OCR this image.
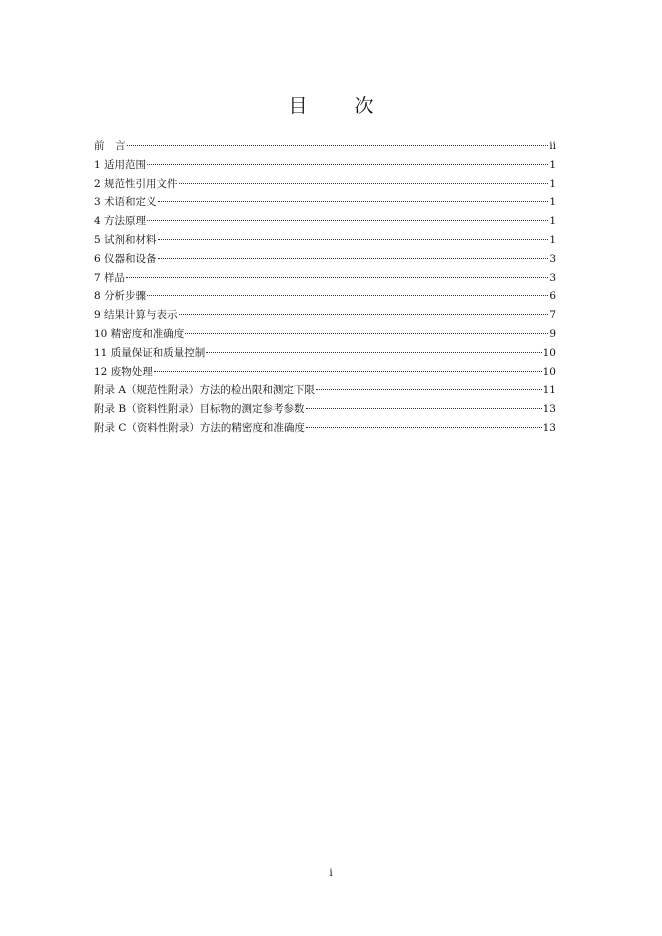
目　次
前　言	ii
1 适用范围	1
2 规范性引用文件	1
3 术语和定义	1
4 方法原理	1
5 试剂和材料	1
6 仪器和设备	3
7 样品	3
8 分析步骤	6
9 结果计算与表示	7
10 精密度和准确度	9
11 质量保证和质量控制	10
12 废物处理	10
附录 A（规范性附录）方法的检出限和测定下限	11
附录 B（资料性附录）目标物的测定参考参数	13
附录 C（资料性附录）方法的精密度和准确度	13
i
